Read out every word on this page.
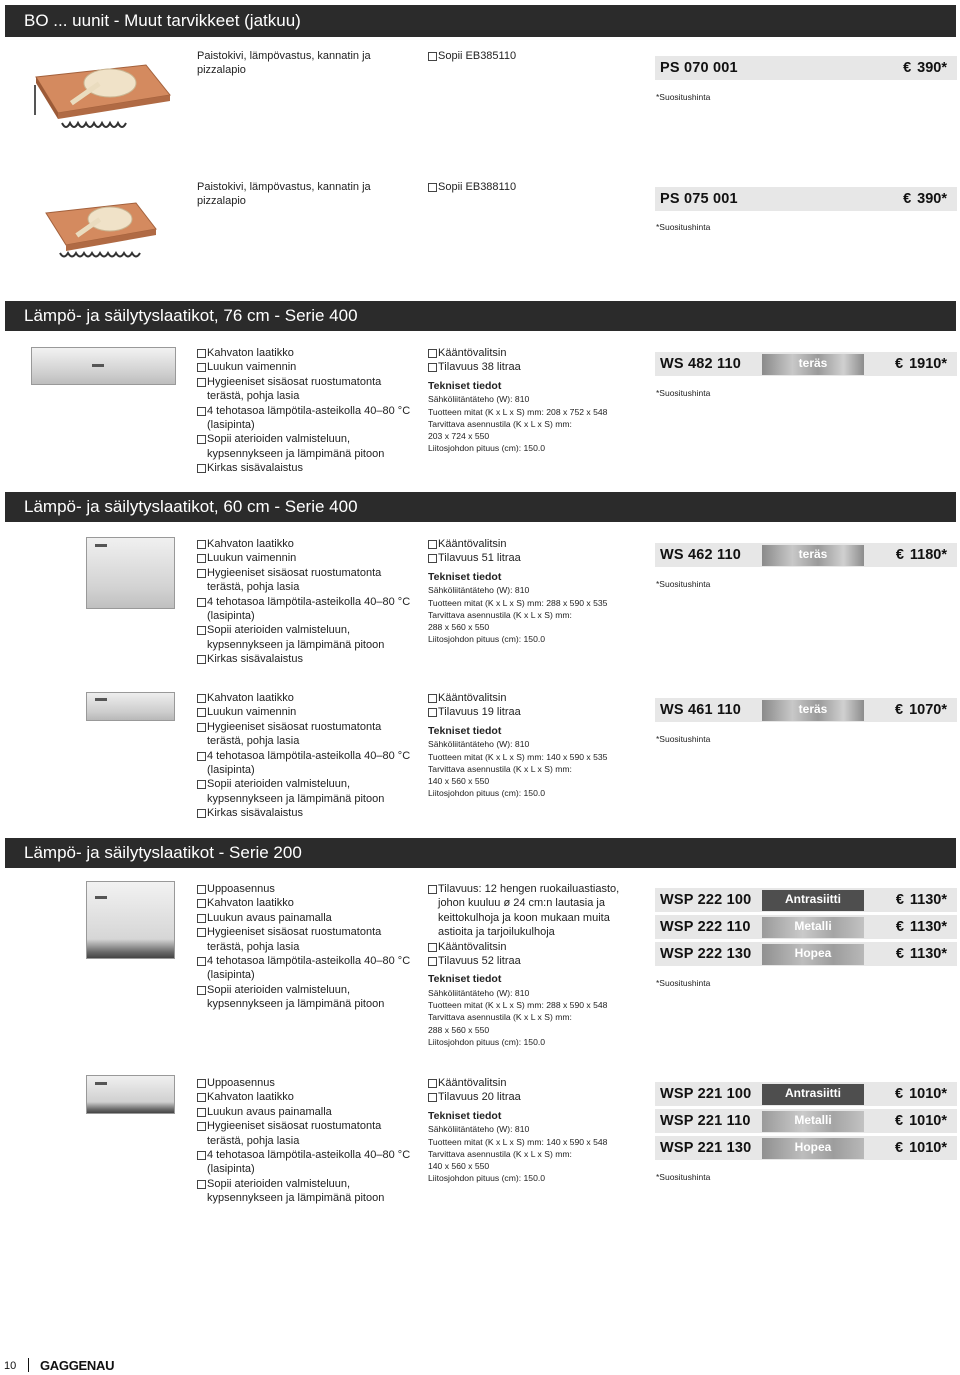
BO ... uunit - Muut tarvikkeet (jatkuu)
Paistokivi, lämpövastus, kannatin ja
pizzalapio
Sopii EB385110
PS 070 001	€ 390*
*Suositushinta
Paistokivi, lämpövastus, kannatin ja
pizzalapio
Sopii EB388110
PS 075 001	€ 390*
*Suositushinta
Lämpö- ja säilytyslaatikot, 76 cm - Serie 400
Kahvaton laatikko
Luukun vaimennin
Hygieeniset sisäosat ruostumatonta
terästä, pohja lasia
4 tehotasoa lämpötila-asteikolla 40–80 °C
(lasipinta)
Sopii aterioiden valmisteluun,
kypsennykseen ja lämpimänä pitoon
Kirkas sisävalaistus
Kääntövalitsin
Tilavuus 38 litraa
Tekniset tiedot
Sähköliitäntäteho (W): 810
Tuotteen mitat (K x L x S) mm: 208 x 752 x 548
Tarvittava asennustila (K x L x S) mm:
203 x 724 x 550
Liitosjohdon pituus (cm): 150.0
WS 482 110	teräs	€ 1910*
*Suositushinta
Lämpö- ja säilytyslaatikot, 60 cm - Serie 400
Kahvaton laatikko
Luukun vaimennin
Hygieeniset sisäosat ruostumatonta
terästä, pohja lasia
4 tehotasoa lämpötila-asteikolla 40–80 °C
(lasipinta)
Sopii aterioiden valmisteluun,
kypsennykseen ja lämpimänä pitoon
Kirkas sisävalaistus
Kääntövalitsin
Tilavuus 51 litraa
Tekniset tiedot
Sähköliitäntäteho (W): 810
Tuotteen mitat (K x L x S) mm: 288 x 590 x 535
Tarvittava asennustila (K x L x S) mm:
288 x 560 x 550
Liitosjohdon pituus (cm): 150.0
WS 462 110	teräs	€ 1180*
*Suositushinta
Kahvaton laatikko
Luukun vaimennin
Hygieeniset sisäosat ruostumatonta
terästä, pohja lasia
4 tehotasoa lämpötila-asteikolla 40–80 °C
(lasipinta)
Sopii aterioiden valmisteluun,
kypsennykseen ja lämpimänä pitoon
Kirkas sisävalaistus
Kääntövalitsin
Tilavuus 19 litraa
Tekniset tiedot
Sähköliitäntäteho (W): 810
Tuotteen mitat (K x L x S) mm: 140 x 590 x 535
Tarvittava asennustila (K x L x S) mm:
140 x 560 x 550
Liitosjohdon pituus (cm): 150.0
WS 461 110	teräs	€ 1070*
*Suositushinta
Lämpö- ja säilytyslaatikot - Serie 200
Uppoasennus
Kahvaton laatikko
Luukun avaus painamalla
Hygieeniset sisäosat ruostumatonta
terästä, pohja lasia
4 tehotasoa lämpötila-asteikolla 40–80 °C
(lasipinta)
Sopii aterioiden valmisteluun,
kypsennykseen ja lämpimänä pitoon
Tilavuus: 12 hengen ruokailuastiasto,
johon kuuluu ø 24 cm:n lautasia ja
keittokulhoja ja koon mukaan muita
astioita ja tarjoilukulhoja
Kääntövalitsin
Tilavuus 52 litraa
Tekniset tiedot
Sähköliitäntäteho (W): 810
Tuotteen mitat (K x L x S) mm: 288 x 590 x 548
Tarvittava asennustila (K x L x S) mm:
288 x 560 x 550
Liitosjohdon pituus (cm): 150.0
WSP 222 100	Antrasiitti	€ 1130*
WSP 222 110	Metalli	€ 1130*
WSP 222 130	Hopea	€ 1130*
*Suositushinta
Uppoasennus
Kahvaton laatikko
Luukun avaus painamalla
Hygieeniset sisäosat ruostumatonta
terästä, pohja lasia
4 tehotasoa lämpötila-asteikolla 40–80 °C
(lasipinta)
Sopii aterioiden valmisteluun,
kypsennykseen ja lämpimänä pitoon
Kääntövalitsin
Tilavuus 20 litraa
Tekniset tiedot
Sähköliitäntäteho (W): 810
Tuotteen mitat (K x L x S) mm: 140 x 590 x 548
Tarvittava asennustila (K x L x S) mm:
140 x 560 x 550
Liitosjohdon pituus (cm): 150.0
WSP 221 100	Antrasiitti	€ 1010*
WSP 221 110	Metalli	€ 1010*
WSP 221 130	Hopea	€ 1010*
*Suositushinta
10 GAGGENAU
